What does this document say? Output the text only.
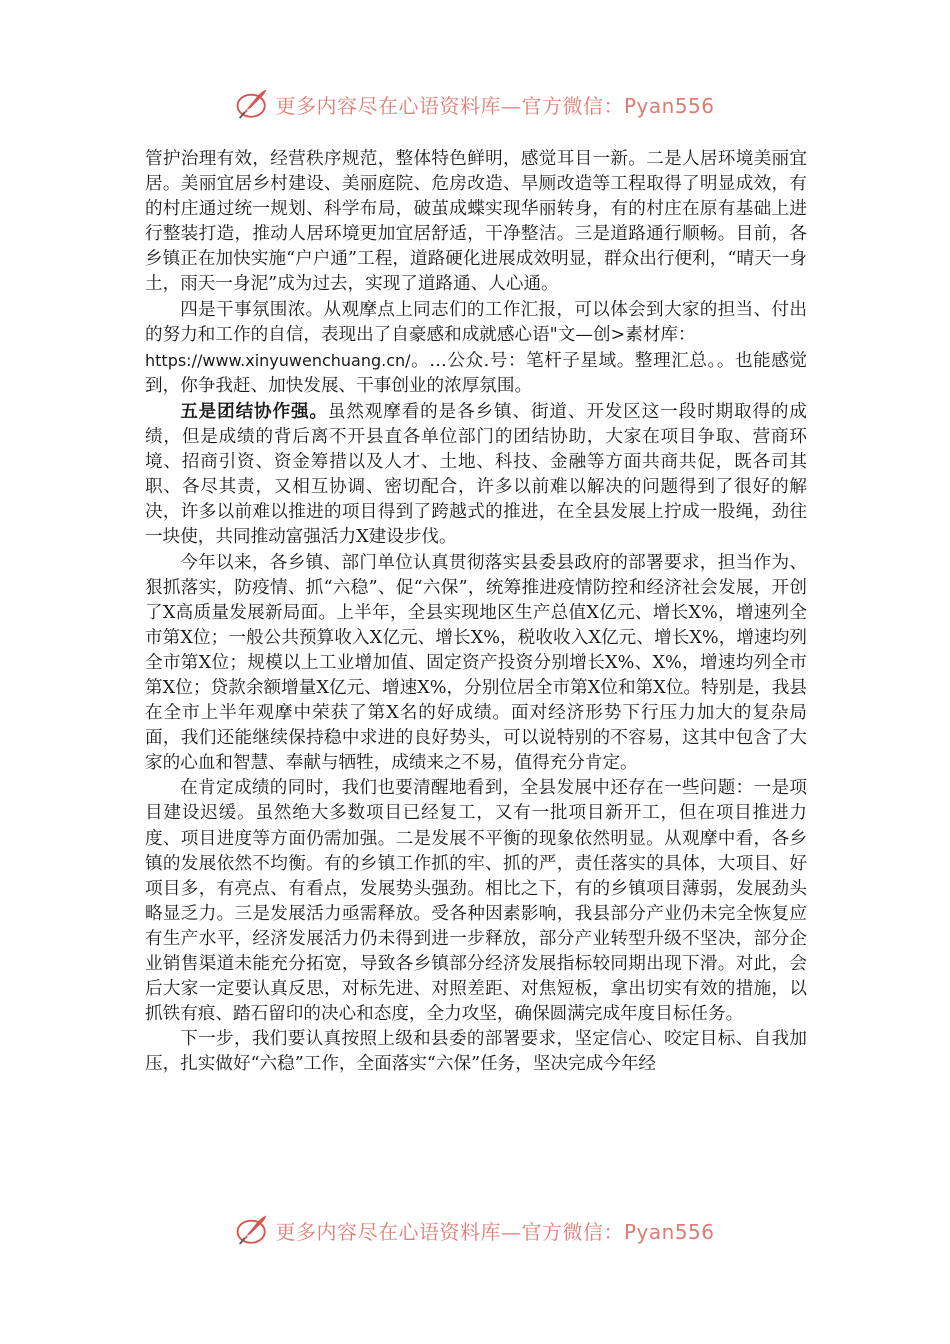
更多内容尽在心语资料库—官方微信：Pyan556

管护治理有效，经营秩序规范，整体特色鲜明，感觉耳目一新。二是人居环境美丽宜居。美丽宜居乡村建设、美丽庭院、危房改造、旱厕改造等工程取得了明显成效，有的村庄通过统一规划、科学布局，破茧成蝶实现华丽转身，有的村庄在原有基础上进行整装打造，推动人居环境更加宜居舒适，干净整洁。三是道路通行顺畅。目前，各乡镇正在加快实施“户户通”工程，道路硬化进展成效明显，群众出行便利，“晴天一身土，雨天一身泥”成为过去，实现了道路通、人心通。

四是干事氛围浓。从观摩点上同志们的工作汇报，可以体会到大家的担当、付出的努力和工作的自信，表现出了自豪感和成就感心语"文—创>素材库：
https://www.xinyuwenchuang.cn/。…公众.号：笔杆子星域。整理汇总。。也能感觉到，你争我赶、加快发展、干事创业的浓厚氛围。

五是团结协作强。虽然观摩看的是各乡镇、街道、开发区这一段时期取得的成绩，但是成绩的背后离不开县直各单位部门的团结协助，大家在项目争取、营商环境、招商引资、资金筹措以及人才、土地、科技、金融等方面共商共促，既各司其职、各尽其责，又相互协调、密切配合，许多以前难以解决的问题得到了很好的解决，许多以前难以推进的项目得到了跨越式的推进，在全县发展上拧成一股绳，劲往一块使，共同推动富强活力X建设步伐。

今年以来，各乡镇、部门单位认真贯彻落实县委县政府的部署要求，担当作为、狠抓落实，防疫情、抓“六稳”、促“六保”，统筹推进疫情防控和经济社会发展，开创了X高质量发展新局面。上半年，全县实现地区生产总值X亿元、增长X%，增速列全市第X位；一般公共预算收入X亿元、增长X%，税收收入X亿元、增长X%，增速均列全市第X位；规模以上工业增加值、固定资产投资分别增长X%、X%，增速均列全市第X位；贷款余额增量X亿元、增速X%，分别位居全市第X位和第X位。特别是，我县在全市上半年观摩中荣获了第X名的好成绩。面对经济形势下行压力加大的复杂局面，我们还能继续保持稳中求进的良好势头，可以说特别的不容易，这其中包含了大家的心血和智慧、奉献与牺牲，成绩来之不易，值得充分肯定。

在肯定成绩的同时，我们也要清醒地看到，全县发展中还存在一些问题：一是项目建设迟缓。虽然绝大多数项目已经复工，又有一批项目新开工，但在项目推进力度、项目进度等方面仍需加强。二是发展不平衡的现象依然明显。从观摩中看，各乡镇的发展依然不均衡。有的乡镇工作抓的牢、抓的严，责任落实的具体，大项目、好项目多，有亮点、有看点，发展势头强劲。相比之下，有的乡镇项目薄弱，发展劲头略显乏力。三是发展活力亟需释放。受各种因素影响，我县部分产业仍未完全恢复应有生产水平，经济发展活力仍未得到进一步释放，部分产业转型升级不坚决，部分企业销售渠道未能充分拓宽，导致各乡镇部分经济发展指标较同期出现下滑。对此，会后大家一定要认真反思，对标先进、对照差距、对焦短板，拿出切实有效的措施，以抓铁有痕、踏石留印的决心和态度，全力攻坚，确保圆满完成年度目标任务。

下一步，我们要认真按照上级和县委的部署要求，坚定信心、咬定目标、自我加压，扎实做好“六稳”工作，全面落实“六保”任务，坚决完成今年经

更多内容尽在心语资料库—官方微信：Pyan556
